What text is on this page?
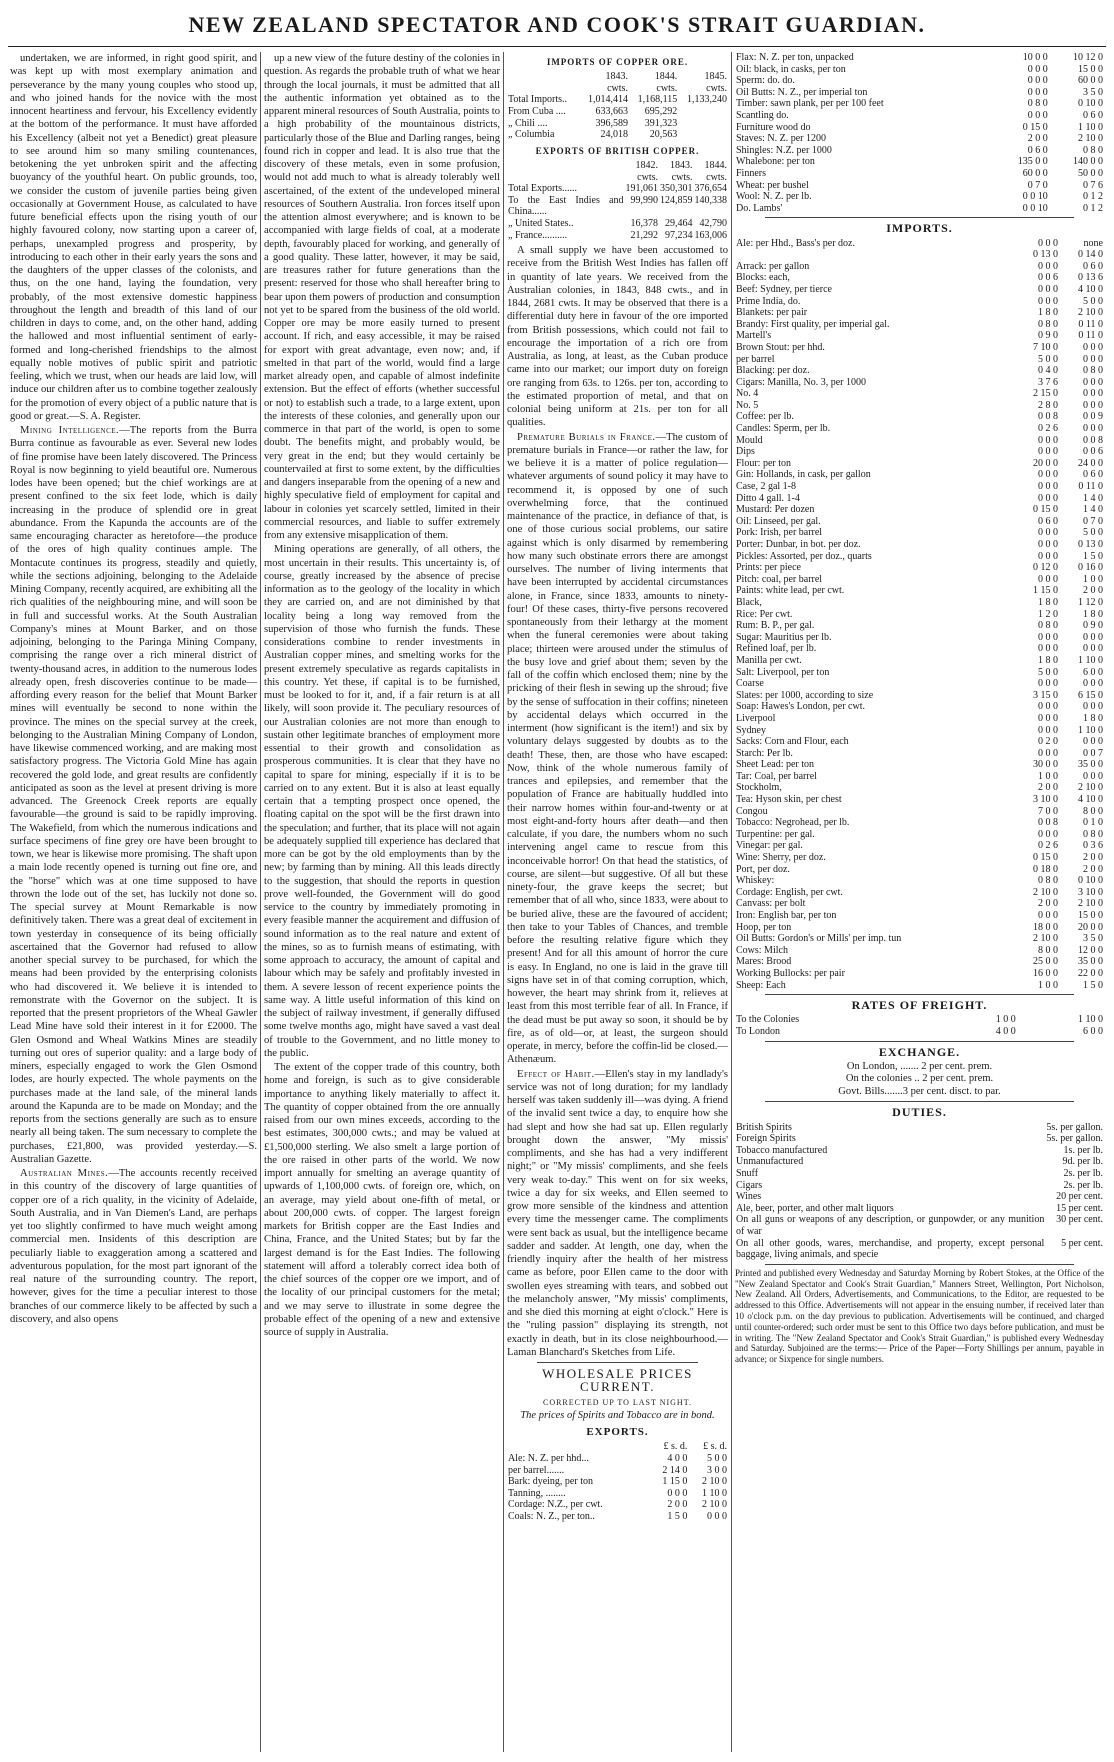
NEW ZEALAND SPECTATOR AND COOK'S STRAIT GUARDIAN.

undertaken, we are informed, in right good spirit, and was kept up with most exemplary animation and perseverance by the many young couples who stood up, and who joined hands for the novice with the most innocent heartiness and fervour, his Excellency evidently at the bottom of the performance. It must have afforded his Excellency (albeit not yet a Benedict) great pleasure to see around him so many smiling countenances, betokening the yet unbroken spirit and the affecting buoyancy of the youthful heart. On public grounds, too, we consider the custom of juvenile parties being given occasionally at Government House, as calculated to have future beneficial effects upon the rising youth of our highly favoured colony, now starting upon a career of, perhaps, unexampled progress and prosperity, by introducing to each other in their early years the sons and the daughters of the upper classes of the colonists, and thus, on the one hand, laying the foundation, very probably, of the most extensive domestic happiness throughout the length and breadth of this land of our children in days to come, and, on the other hand, adding the hallowed and most influential sentiment of early-formed and long-cherished friendships to the almost equally noble motives of public spirit and patriotic feeling, which we trust, when our heads are laid low, will induce our children after us to combine together zealously for the promotion of every object of a public nature that is good or great.—S. A. Register.

Mining Intelligence.—The reports from the Burra Burra continue as favourable as ever. Several new lodes of fine promise have been lately discovered. The Princess Royal is now beginning to yield beautiful ore. Numerous lodes have been opened; but the chief workings are at present confined to the six feet lode, which is daily increasing in the produce of splendid ore in great abundance. From the Kapunda the accounts are of the same encouraging character as heretofore—the produce of the ores of high quality continues ample. The Montacute continues its progress, steadily and quietly, while the sections adjoining, belonging to the Adelaide Mining Company, recently acquired, are exhibiting all the rich qualities of the neighbouring mine, and will soon be in full and successful works. At the South Australian Company's mines at Mount Barker, and on those adjoining, belonging to the Paringa Mining Company, comprising the range over a rich mineral district of twenty-thousand acres, in addition to the numerous lodes already open, fresh discoveries continue to be made—affording every reason for the belief that Mount Barker mines will eventually be second to none within the province. The mines on the special survey at the creek, belonging to the Australian Mining Company of London, have likewise commenced working, and are making most satisfactory progress. The Victoria Gold Mine has again recovered the gold lode, and great results are confidently anticipated as soon as the level at present driving is more advanced. The Greenock Creek reports are equally favourable—the ground is said to be rapidly improving. The Wakefield, from which the numerous indications and surface specimens of fine grey ore have been brought to town, we hear is likewise more promising. The shaft upon a main lode recently opened is turning out fine ore, and the "horse" which was at one time supposed to have thrown the lode out of the set, has luckily not done so. The special survey at Mount Remarkable is now definitively taken. There was a great deal of excitement in town yesterday in consequence of its being officially ascertained that the Governor had refused to allow another special survey to be purchased, for which the means had been provided by the enterprising colonists who had discovered it. We believe it is intended to remonstrate with the Governor on the subject. It is reported that the present proprietors of the Wheal Gawler Lead Mine have sold their interest in it for £2000. The Glen Osmond and Wheal Watkins Mines are steadily turning out ores of superior quality: and a large body of miners, especially engaged to work the Glen Osmond lodes, are hourly expected. The whole payments on the purchases made at the land sale, of the mineral lands around the Kapunda are to be made on Monday; and the reports from the sections generally are such as to ensure nearly all being taken. The sum necessary to complete the purchases, £21,800, was provided yesterday.—S. Australian Gazette.

Australian Mines.—The accounts recently received in this country of the discovery of large quantities of copper ore of a rich quality, in the vicinity of Adelaide, South Australia, and in Van Diemen's Land, are perhaps yet too slightly confirmed to have much weight among commercial men. Insidents of this description are peculiarly liable to exaggeration among a scattered and adventurous population, for the most part ignorant of the real nature of the surrounding country. The report, however, gives for the time a peculiar interest to those branches of our commerce likely to be affected by such a discovery, and also opens

up a new view of the future destiny of the colonies in question. As regards the probable truth of what we hear through the local journals, it must be admitted that all the authentic information yet obtained as to the apparent mineral resources of South Australia, points to a high probability of the mountainous districts, particularly those of the Blue and Darling ranges, being found rich in copper and lead. It is also true that the discovery of these metals, even in some profusion, would not add much to what is already tolerably well ascertained, of the extent of the undeveloped mineral resources of Southern Australia. Iron forces itself upon the attention almost everywhere; and is known to be accompanied with large fields of coal, at a moderate depth, favourably placed for working, and generally of a good quality. These latter, however, it may be said, are treasures rather for future generations than the present: reserved for those who shall hereafter bring to bear upon them powers of production and consumption not yet to be spared from the business of the old world. Copper ore may be more easily turned to present account. If rich, and easy accessible, it may be raised for export with great advantage, even now; and, if smelted in that part of the world, would find a large market already open, and capable of almost indefinite extension. But the effect of efforts (whether successful or not) to establish such a trade, to a large extent, upon the interests of these colonies, and generally upon our commerce in that part of the world, is open to some doubt. The benefits might, and probably would, be very great in the end; but they would certainly be countervailed at first to some extent, by the difficulties and dangers inseparable from the opening of a new and highly speculative field of employment for capital and labour in colonies yet scarcely settled, limited in their commercial resources, and liable to suffer extremely from any extensive misapplication of them.

Mining operations are generally, of all others, the most uncertain in their results. This uncertainty is, of course, greatly increased by the absence of precise information as to the geology of the locality in which they are carried on, and are not diminished by that locality being a long way removed from the supervision of those who furnish the funds. These considerations combine to render investments in Australian copper mines, and smelting works for the present extremely speculative as regards capitalists in this country. Yet these, if capital is to be furnished, must be looked to for it, and, if a fair return is at all likely, will soon provide it. The peculiary resources of our Australian colonies are not more than enough to sustain other legitimate branches of employment more essential to their growth and consolidation as prosperous communities. It is clear that they have no capital to spare for mining, especially if it is to be carried on to any extent. But it is also at least equally certain that a tempting prospect once opened, the floating capital on the spot will be the first drawn into the speculation; and further, that its place will not again be adequately supplied till experience has declared that more can be got by the old employments than by the new; by farming than by mining. All this leads directly to the suggestion, that should the reports in question prove well-founded, the Government will do good service to the country by immediately promoting in every feasible manner the acquirement and diffusion of sound information as to the real nature and extent of the mines, so as to furnish means of estimating, with some approach to accuracy, the amount of capital and labour which may be safely and profitably invested in them. A severe lesson of recent experience points the same way. A little useful information of this kind on the subject of railway investment, if generally diffused some twelve months ago, might have saved a vast deal of trouble to the Government, and no little money to the public.

The extent of the copper trade of this country, both home and foreign, is such as to give considerable importance to anything likely materially to affect it. The quantity of copper obtained from the ore annually raised from our own mines exceeds, according to the best estimates, 300,000 cwts.; and may be valued at £1,500,000 sterling. We also smelt a large portion of the ore raised in other parts of the world. We now import annually for smelting an average quantity of upwards of 1,100,000 cwts. of foreign ore, which, on an average, may yield about one-fifth of metal, or about 200,000 cwts. of copper. The largest foreign markets for British copper are the East Indies and China, France, and the United States; but by far the largest demand is for the East Indies. The following statement will afford a tolerably correct idea both of the chief sources of the copper ore we import, and of the locality of our principal customers for the metal; and we may serve to illustrate in some degree the probable effect of the opening of a new and extensive source of supply in Australia.

IMPORTS OF COPPER ORE.
	1843.	1844.	1845.
	cwts.	cwts.	cwts.
Total Imports..	1,014,414	1,168,115	1,133,240
From Cuba ....	633,663	695,292	
„ Chili ....	396,589	391,323	
„ Columbia	24,018	20,563	
EXPORTS OF BRITISH COPPER.
	1842.	1843.	1844.
	cwts.	cwts.	cwts.
Total Exports......	191,061	350,301	376,654
To the East Indies and China......	99,990	124,859	140,338
„ United States..	16,378	29,464	42,790
„ France..........	21,292	97,234	163,006

A small supply we have been accustomed to receive from the British West Indies has fallen off in quantity of late years. We received from the Australian colonies, in 1843, 848 cwts., and in 1844, 2681 cwts. It may be observed that there is a differential duty here in favour of the ore imported from British possessions, which could not fail to encourage the importation of a rich ore from Australia, as long, at least, as the Cuban produce came into our market; our import duty on foreign ore ranging from 63s. to 126s. per ton, according to the estimated proportion of metal, and that on colonial being uniform at 21s. per ton for all qualities.

Premature Burials in France.—The custom of premature burials in France—or rather the law, for we believe it is a matter of police regulation—whatever arguments of sound policy it may have to recommend it, is opposed by one of such overwhelming force, that the continued maintenance of the practice, in defiance of that, is one of those curious social problems, our satire against which is only disarmed by remembering how many such obstinate errors there are amongst ourselves. The number of living interments that have been interrupted by accidental circumstances alone, in France, since 1833, amounts to ninety-four! Of these cases, thirty-five persons recovered spontaneously from their lethargy at the moment when the funeral ceremonies were about taking place; thirteen were aroused under the stimulus of the busy love and grief about them; seven by the fall of the coffin which enclosed them; nine by the pricking of their flesh in sewing up the shroud; five by the sense of suffocation in their coffins; nineteen by accidental delays which occurred in the interment (how significant is the item!) and six by voluntary delays suggested by doubts as to the death! These, then, are those who have escaped: Now, think of the whole numerous family of trances and epilepsies, and remember that the population of France are habitually huddled into their narrow homes within four-and-twenty or at most eight-and-forty hours after death—and then calculate, if you dare, the numbers whom no such intervening angel came to rescue from this inconceivable horror! On that head the statistics, of course, are silent—but suggestive. Of all but these ninety-four, the grave keeps the secret; but remember that of all who, since 1833, were about to be buried alive, these are the favoured of accident; then take to your Tables of Chances, and tremble before the resulting relative figure which they present! And for all this amount of horror the cure is easy. In England, no one is laid in the grave till signs have set in of that coming corruption, which, however, the heart may shrink from it, relieves at least from this most terrible fear of all. In France, if the dead must be put away so soon, it should be by fire, as of old—or, at least, the surgeon should operate, in mercy, before the coffin-lid be closed.—Athenæum.

Effect of Habit.—Ellen's stay in my landlady's service was not of long duration; for my landlady herself was taken suddenly ill—was dying. A friend of the invalid sent twice a day, to enquire how she had slept and how she had sat up. Ellen regularly brought down the answer, "My missis' compliments, and she has had a very indifferent night;" or "My missis' compliments, and she feels very weak to-day." This went on for six weeks, twice a day for six weeks, and Ellen seemed to grow more sensible of the kindness and attention every time the messenger came. The compliments were sent back as usual, but the intelligence became sadder and sadder. At length, one day, when the friendly inquiry after the health of her mistress came as before, poor Ellen came to the door with swollen eyes streaming with tears, and sobbed out the melancholy answer, "My missis' compliments, and she died this morning at eight o'clock." Here is the "ruling passion" displaying its strength, not exactly in death, but in its close neighbourhood.—Laman Blanchard's Sketches from Life.

WHOLESALE PRICES CURRENT.
CORRECTED UP TO LAST NIGHT.
The prices of Spirits and Tobacco are in bond.
EXPORTS.
	£ s. d.	£ s. d.
Ale: N. Z. per hhd...	4 0 0	5 0 0
per barrel.......	2 14 0	3 0 0
Bark: dyeing, per ton	1 15 0	2 10 0
Tanning, ........	0 0 0	1 10 0
Cordage: N.Z., per cwt.	2 0 0	2 10 0
Coals: N. Z., per ton..	1 5 0	0 0 0
Flax: N. Z. per ton, unpacked	10 0 0	10 12 0
Oil: black, in casks, per ton	0 0 0	15 0 0
Sperm: do. do.	0 0 0	60 0 0
Oil Butts: N. Z., per imperial ton	0 0 0	3 5 0
Timber: sawn plank, per per 100 feet	0 8 0	0 10 0
Scantling do.	0 0 0	0 6 0
Furniture wood do	0 15 0	1 10 0
Staves: N. Z. per 1200	2 0 0	2 10 0
Shingles: N.Z. per 1000	0 6 0	0 8 0
Whalebone: per ton	135 0 0	140 0 0
Finners	60 0 0	50 0 0
Wheat: per bushel	0 7 0	0 7 6
Wool: N. Z. per lb.	0 0 10	0 1 2
Do. Lambs'	0 0 10	0 1 2
IMPORTS.
Ale: per Hhd., Bass's per doz.	0 0 0	none
	0 13 0	0 14 0
Arrack: per gallon	0 0 0	0 6 0
Blocks: each,	0 0 6	0 13 6
Beef: Sydney, per tierce	0 0 0	4 10 0
Prime India, do.	0 0 0	5 0 0
Blankets: per pair	1 8 0	2 10 0
Brandy: First quality, per imperial gal.	0 8 0	0 11 0
Martell's	0 9 0	0 11 0
Brown Stout: per hhd.	7 10 0	0 0 0
per barrel	5 0 0	0 0 0
Blacking: per doz.	0 4 0	0 8 0
Cigars: Manilla, No. 3, per 1000	3 7 6	0 0 0
No. 4	2 15 0	0 0 0
No. 5	2 8 0	0 0 0
Coffee: per lb.	0 0 8	0 0 9
Candles: Sperm, per lb.	0 2 6	0 0 0
Mould	0 0 0	0 0 8
Dips	0 0 0	0 0 6
Flour: per ton	20 0 0	24 0 0
Gin: Hollands, in cask, per gallon	0 0 0	0 6 0
Case, 2 gal 1-8	0 0 0	0 11 0
Ditto 4 gall. 1-4	0 0 0	1 4 0
Mustard: Per dozen	0 15 0	1 4 0
Oil: Linseed, per gal.	0 6 0	0 7 0
Pork: Irish, per barrel	0 0 0	5 0 0
Porter: Dunbar, in bot. per doz.	0 0 0	0 13 0
Pickles: Assorted, per doz., quarts	0 0 0	1 5 0
Prints: per piece	0 12 0	0 16 0
Pitch: coal, per barrel	0 0 0	1 0 0
Paints: white lead, per cwt.	1 15 0	2 0 0
Black,	1 8 0	1 12 0
Rice: Per cwt.	1 2 0	1 8 0
Rum: B. P., per gal.	0 8 0	0 9 0
Sugar: Mauritius per lb.	0 0 0	0 0 0
Refined loaf, per lb.	0 0 0	0 0 0
Manilla per cwt.	1 8 0	1 10 0
Salt: Liverpool, per ton	5 0 0	6 0 0
Coarse	0 0 0	0 0 0
Slates: per 1000, according to size	3 15 0	6 15 0
Soap: Hawes's London, per cwt.	0 0 0	0 0 0
Liverpool	0 0 0	1 8 0
Sydney	0 0 0	1 10 0
Sacks: Corn and Flour, each	0 2 0	0 0 0
Starch: Per lb.	0 0 0	0 0 7
Sheet Lead: per ton	30 0 0	35 0 0
Tar: Coal, per barrel	1 0 0	0 0 0
Stockholm,	2 0 0	2 10 0
Tea: Hyson skin, per chest	3 10 0	4 10 0
Congou	7 0 0	8 0 0
Tobacco: Negrohead, per lb.	0 0 8	0 1 0
Turpentine: per gal.	0 0 0	0 8 0
Vinegar: per gal.	0 2 6	0 3 6
Wine: Sherry, per doz.	0 15 0	2 0 0
Port, per doz.	0 18 0	2 0 0
Whiskey:	0 8 0	0 10 0
Cordage: English, per cwt.	2 10 0	3 10 0
Canvass: per bolt	2 0 0	2 10 0
Iron: English bar, per ton	0 0 0	15 0 0
Hoop, per ton	18 0 0	20 0 0
Oil Butts: Gordon's or Mills' per imp. tun	2 10 0	3 5 0
Cows: Milch	8 0 0	12 0 0
Mares: Brood	25 0 0	35 0 0
Working Bullocks: per pair	16 0 0	22 0 0
Sheep: Each	1 0 0	1 5 0
RATES OF FREIGHT.
To the Colonies	1 0 0	1 10 0
To London	4 0 0	6 0 0
EXCHANGE.
On London, ....... 2 per cent. prem.
On the colonies .. 2 per cent. prem.
Govt. Bills.......3 per cent. disct. to par.
DUTIES.
British Spirits	5s. per gallon.
Foreign Spirits	5s. per gallon.
Tobacco manufactured	1s. per lb.
Unmanufactured	9d. per lb.
Snuff	2s. per lb.
Cigars	2s. per lb.
Wines	20 per cent.
Ale, beer, porter, and other malt liquors	15 per cent.
On all guns or weapons of any description, or gunpowder, or any munition of war	30 per cent.
On all other goods, wares, merchandise, and property, except personal baggage, living animals, and specie	5 per cent.
Printed and published every Wednesday and Saturday Morning by Robert Stokes, at the Office of the "New Zealand Spectator and Cook's Strait Guardian," Manners Street, Wellington, Port Nicholson, New Zealand. All Orders, Advertisements, and Communications, to the Editor, are requested to be addressed to this Office. Advertisements will not appear in the ensuing number, if received later than 10 o'clock p.m. on the day previous to publication. Advertisements will be continued, and charged until counter-ordered; such order must be sent to this Office two days before publication, and must be in writing. The "New Zealand Spectator and Cook's Strait Guardian," is published every Wednesday and Saturday. Subjoined are the terms:— Price of the Paper—Forty Shillings per annum, payable in advance; or Sixpence for single numbers.
